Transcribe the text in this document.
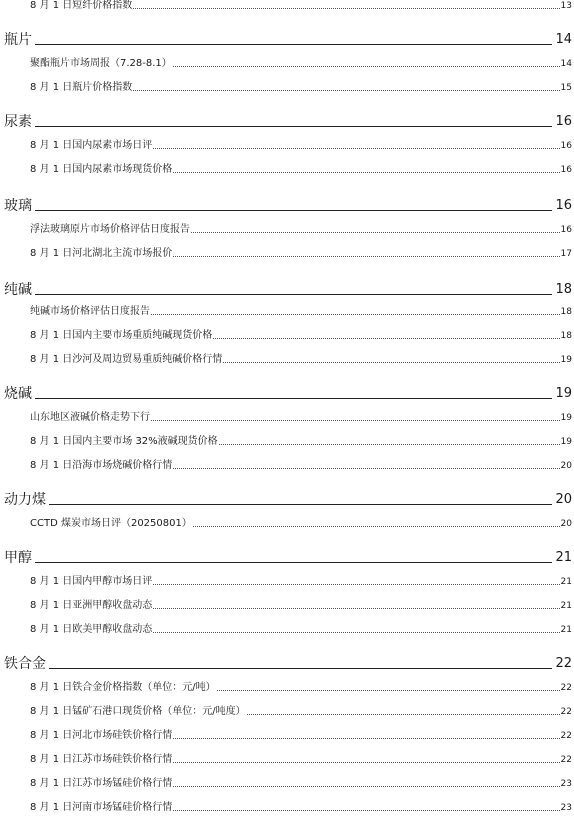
8 月 1 日短纤价格指数	13
瓶片	14
聚酯瓶片市场周报（7.28-8.1）	14
8 月 1 日瓶片价格指数	15
尿素	16
8 月 1 日国内尿素市场日评	16
8 月 1 日国内尿素市场现货价格	16
玻璃	16
浮法玻璃原片市场价格评估日度报告	16
8 月 1 日河北湖北主流市场报价	17
纯碱	18
纯碱市场价格评估日度报告	18
8 月 1 日国内主要市场重质纯碱现货价格	18
8 月 1 日沙河及周边贸易重质纯碱价格行情	19
烧碱	19
山东地区液碱价格走势下行	19
8 月 1 日国内主要市场 32%液碱现货价格	19
8 月 1 日沿海市场烧碱价格行情	20
动力煤	20
CCTD 煤炭市场日评（20250801）	20
甲醇	21
8 月 1 日国内甲醇市场日评	21
8 月 1 日亚洲甲醇收盘动态	21
8 月 1 日欧美甲醇收盘动态	21
铁合金	22
8 月 1 日铁合金价格指数（单位：元/吨）	22
8 月 1 日锰矿石港口现货价格（单位：元/吨度）	22
8 月 1 日河北市场硅铁价格行情	22
8 月 1 日江苏市场硅铁价格行情	22
8 月 1 日江苏市场锰硅价格行情	23
8 月 1 日河南市场锰硅价格行情	23
